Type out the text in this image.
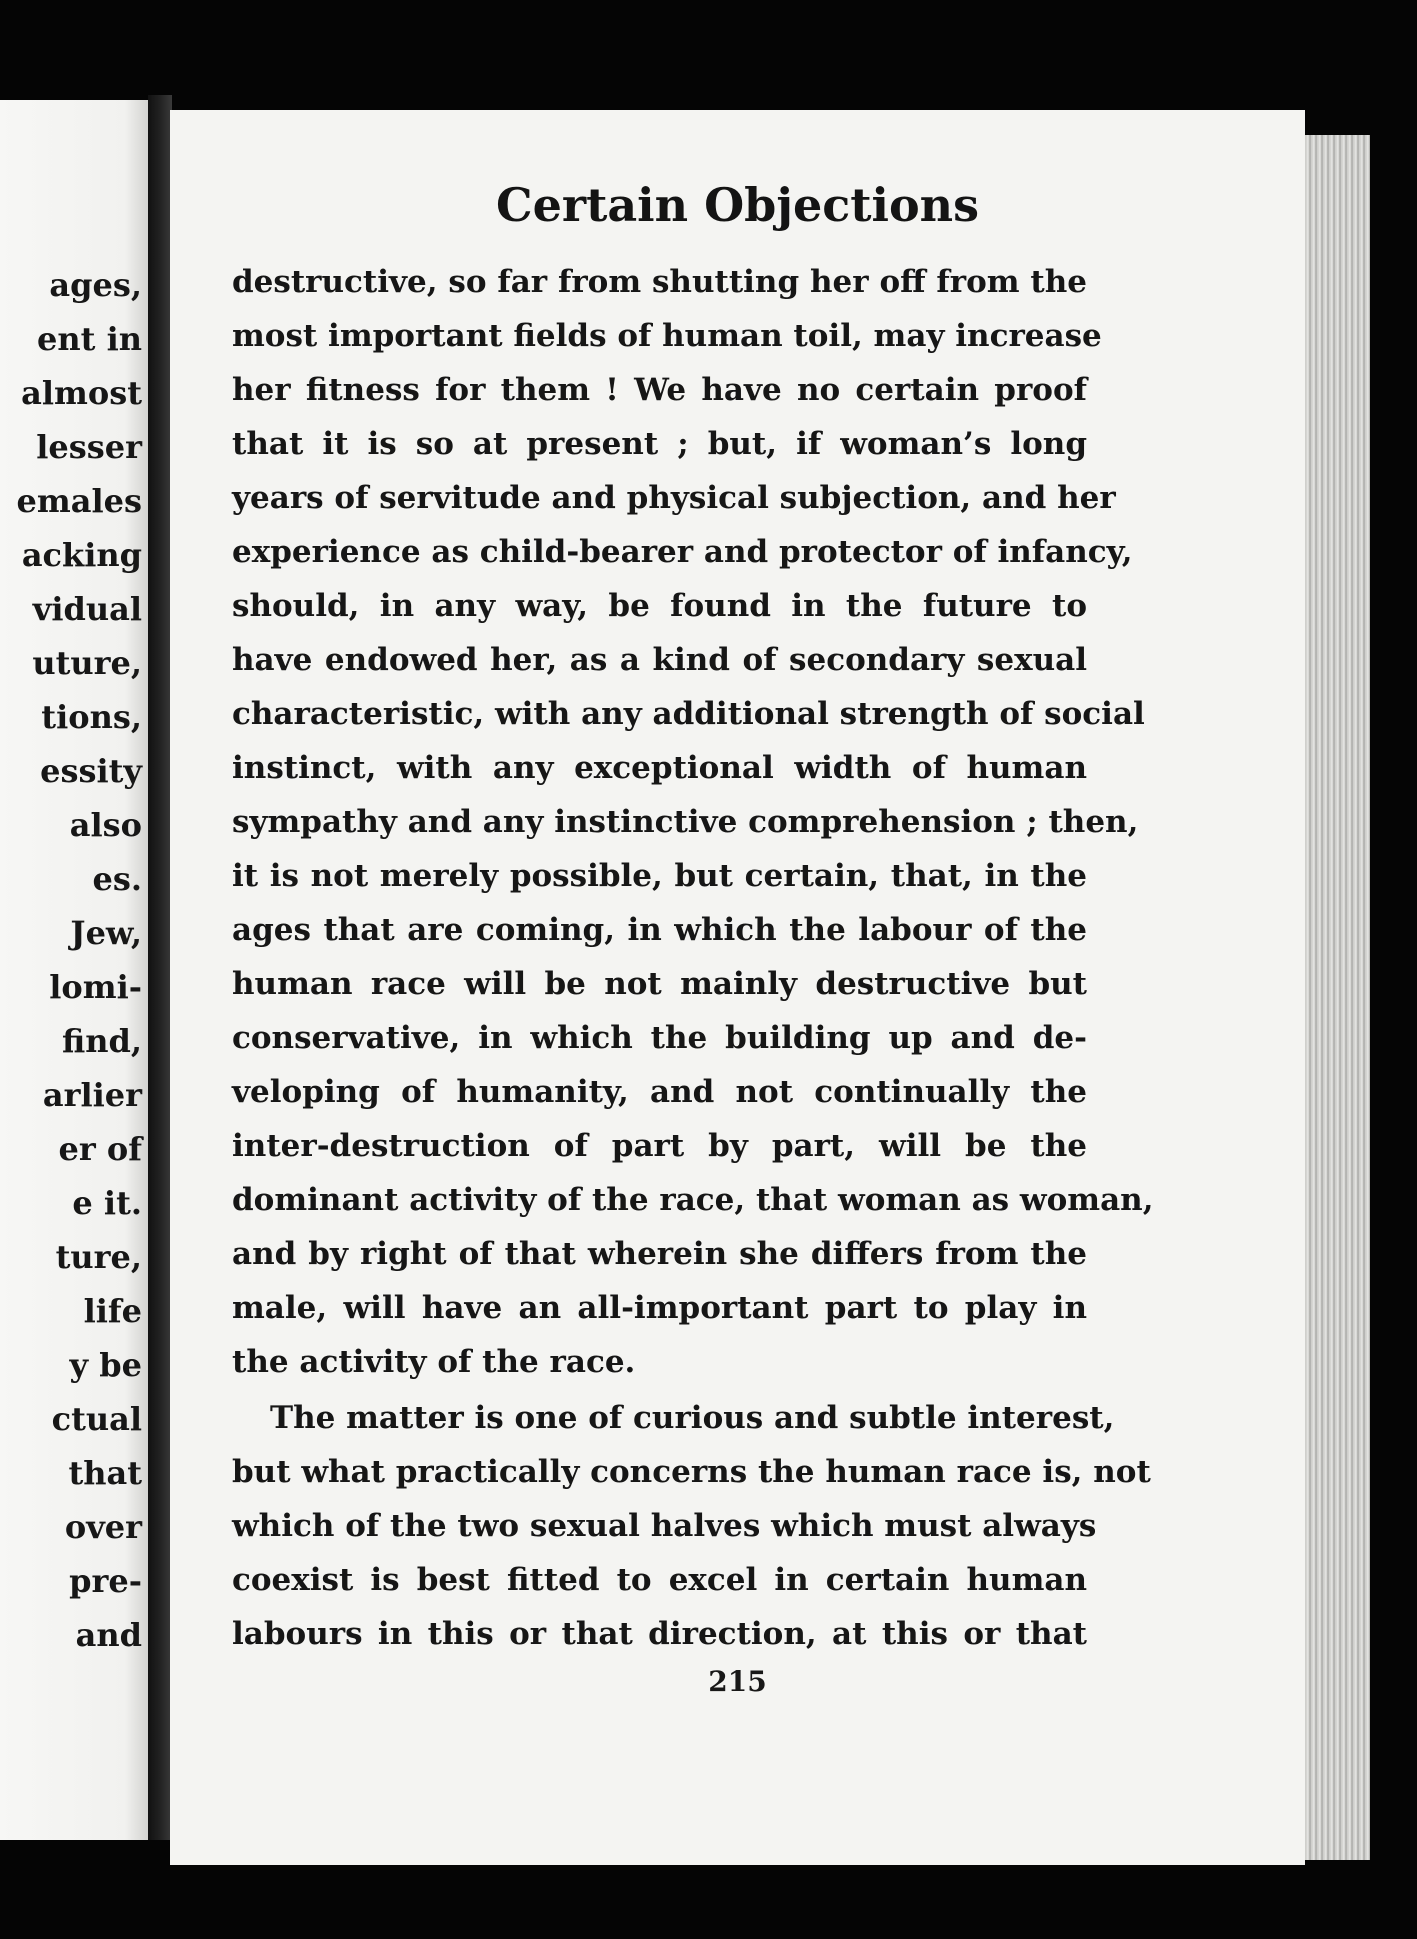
ages,
ent in
almost
lesser
emales
acking
vidual
uture,
tions,
essity
also
es.
Jew,
lomi-
find,
arlier
er of
e it.
ture,
life
y be
ctual
that
over
pre-
and
Certain Objections
destructive, so far from shutting her off from the
most important fields of human toil, may increase
her fitness for them ! We have no certain proof
that it is so at present ; but, if woman’s long
years of servitude and physical subjection, and her
experience as child-bearer and protector of infancy,
should, in any way, be found in the future to
have endowed her, as a kind of secondary sexual
characteristic, with any additional strength of social
instinct, with any exceptional width of human
sympathy and any instinctive comprehension ; then,
it is not merely possible, but certain, that, in the
ages that are coming, in which the labour of the
human race will be not mainly destructive but
conservative, in which the building up and de-
veloping of humanity, and not continually the
inter-destruction of part by part, will be the
dominant activity of the race, that woman as woman,
and by right of that wherein she differs from the
male, will have an all-important part to play in
the activity of the race.
The matter is one of curious and subtle interest,
but what practically concerns the human race is, not
which of the two sexual halves which must always
coexist is best fitted to excel in certain human
labours in this or that direction, at this or that
215
